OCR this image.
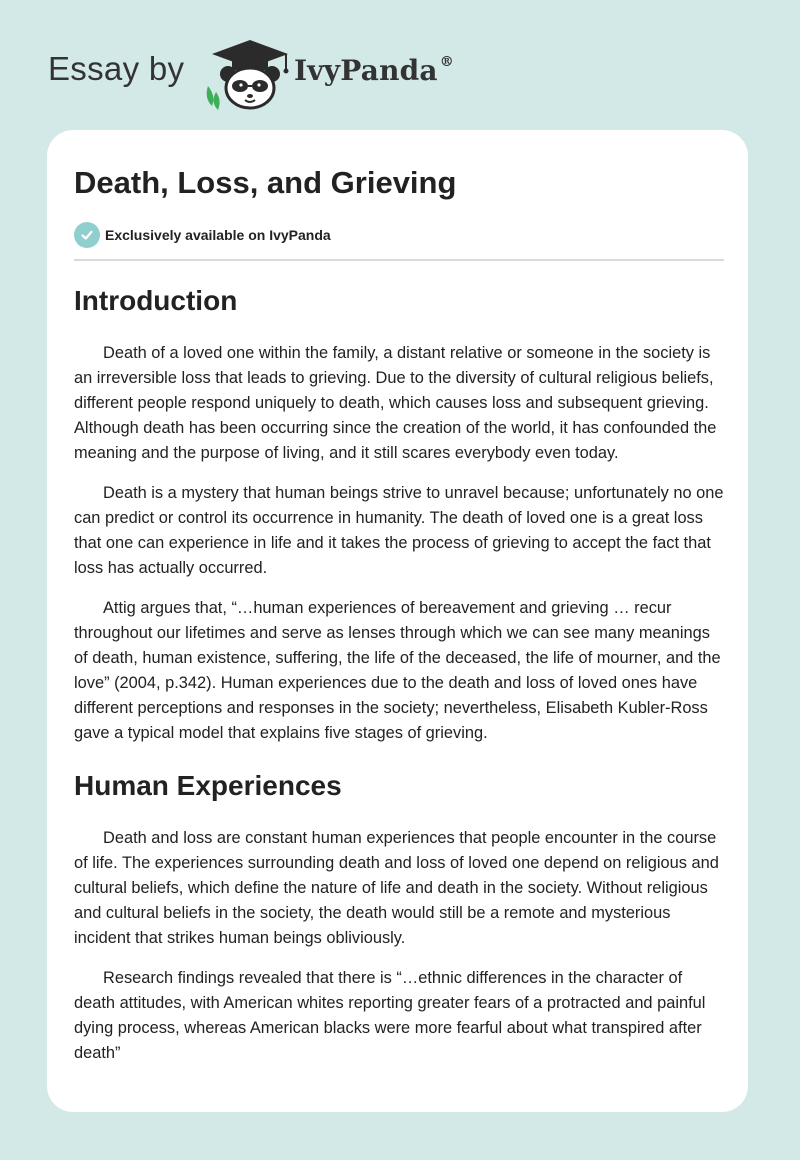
Essay by	IvyPanda ®
Death, Loss, and Grieving
Exclusively available on IvyPanda
Introduction

Death of a loved one within the family, a distant relative or someone in the society is an irreversible loss that leads to grieving. Due to the diversity of cultural religious beliefs, different people respond uniquely to death, which causes loss and subsequent grieving. Although death has been occurring since the creation of the world, it has confounded the meaning and the purpose of living, and it still scares everybody even today.

Death is a mystery that human beings strive to unravel because; unfortunately no one can predict or control its occurrence in humanity. The death of loved one is a great loss that one can experience in life and it takes the process of grieving to accept the fact that loss has actually occurred.

Attig argues that, “…human experiences of bereavement and grieving … recur throughout our lifetimes and serve as lenses through which we can see many meanings of death, human existence, suffering, the life of the deceased, the life of mourner, and the love” (2004, p.342). Human experiences due to the death and loss of loved ones have different perceptions and responses in the society; nevertheless, Elisabeth Kubler-Ross gave a typical model that explains five stages of grieving.

Human Experiences

Death and loss are constant human experiences that people encounter in the course of life. The experiences surrounding death and loss of loved one depend on religious and cultural beliefs, which define the nature of life and death in the society. Without religious and cultural beliefs in the society, the death would still be a remote and mysterious incident that strikes human beings obliviously.

Research findings revealed that there is “…ethnic differences in the character of death attitudes, with American whites reporting greater fears of a protracted and painful dying process, whereas American blacks were more fearful about what transpired after death”
